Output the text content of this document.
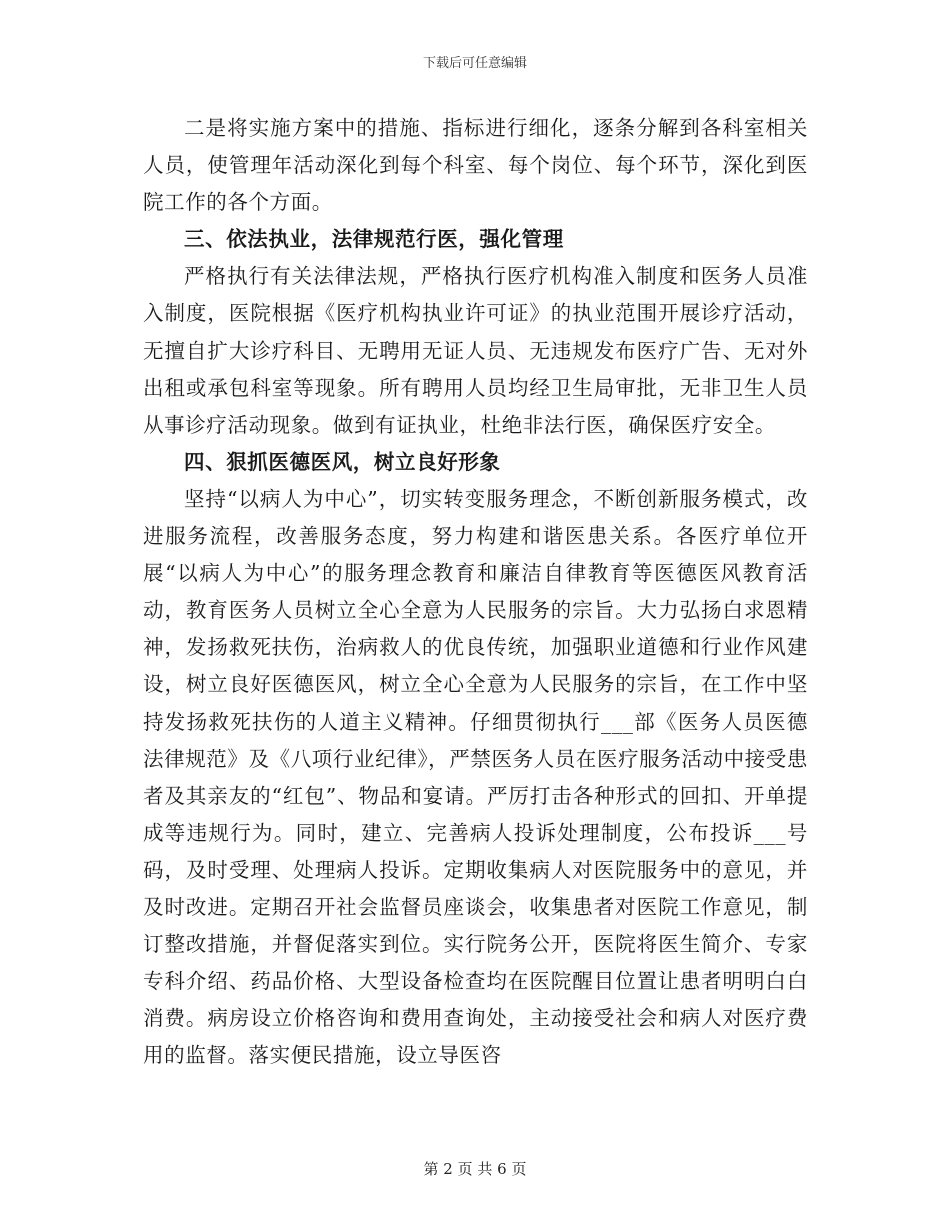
下载后可任意编辑

二是将实施方案中的措施、指标进行细化，逐条分解到各科室相关人员，使管理年活动深化到每个科室、每个岗位、每个环节，深化到医院工作的各个方面。

三、依法执业，法律规范行医，强化管理

严格执行有关法律法规，严格执行医疗机构准入制度和医务人员准入制度，医院根据《医疗机构执业许可证》的执业范围开展诊疗活动，无擅自扩大诊疗科目、无聘用无证人员、无违规发布医疗广告、无对外出租或承包科室等现象。所有聘用人员均经卫生局审批，无非卫生人员从事诊疗活动现象。做到有证执业，杜绝非法行医，确保医疗安全。

四、狠抓医德医风，树立良好形象

坚持“以病人为中心”，切实转变服务理念，不断创新服务模式，改进服务流程，改善服务态度，努力构建和谐医患关系。各医疗单位开展“以病人为中心”的服务理念教育和廉洁自律教育等医德医风教育活动，教育医务人员树立全心全意为人民服务的宗旨。大力弘扬白求恩精神，发扬救死扶伤，治病救人的优良传统，加强职业道德和行业作风建设，树立良好医德医风，树立全心全意为人民服务的宗旨，在工作中坚持发扬救死扶伤的人道主义精神。仔细贯彻执行___部《医务人员医德法律规范》及《八项行业纪律》，严禁医务人员在医疗服务活动中接受患者及其亲友的“红包”、物品和宴请。严厉打击各种形式的回扣、开单提成等违规行为。同时，建立、完善病人投诉处理制度，公布投诉___号码，及时受理、处理病人投诉。定期收集病人对医院服务中的意见，并及时改进。定期召开社会监督员座谈会，收集患者对医院工作意见，制订整改措施，并督促落实到位。实行院务公开，医院将医生简介、专家专科介绍、药品价格、大型设备检查均在医院醒目位置让患者明明白白消费。病房设立价格咨询和费用查询处，主动接受社会和病人对医疗费用的监督。落实便民措施，设立导医咨

第 2 页 共 6 页
